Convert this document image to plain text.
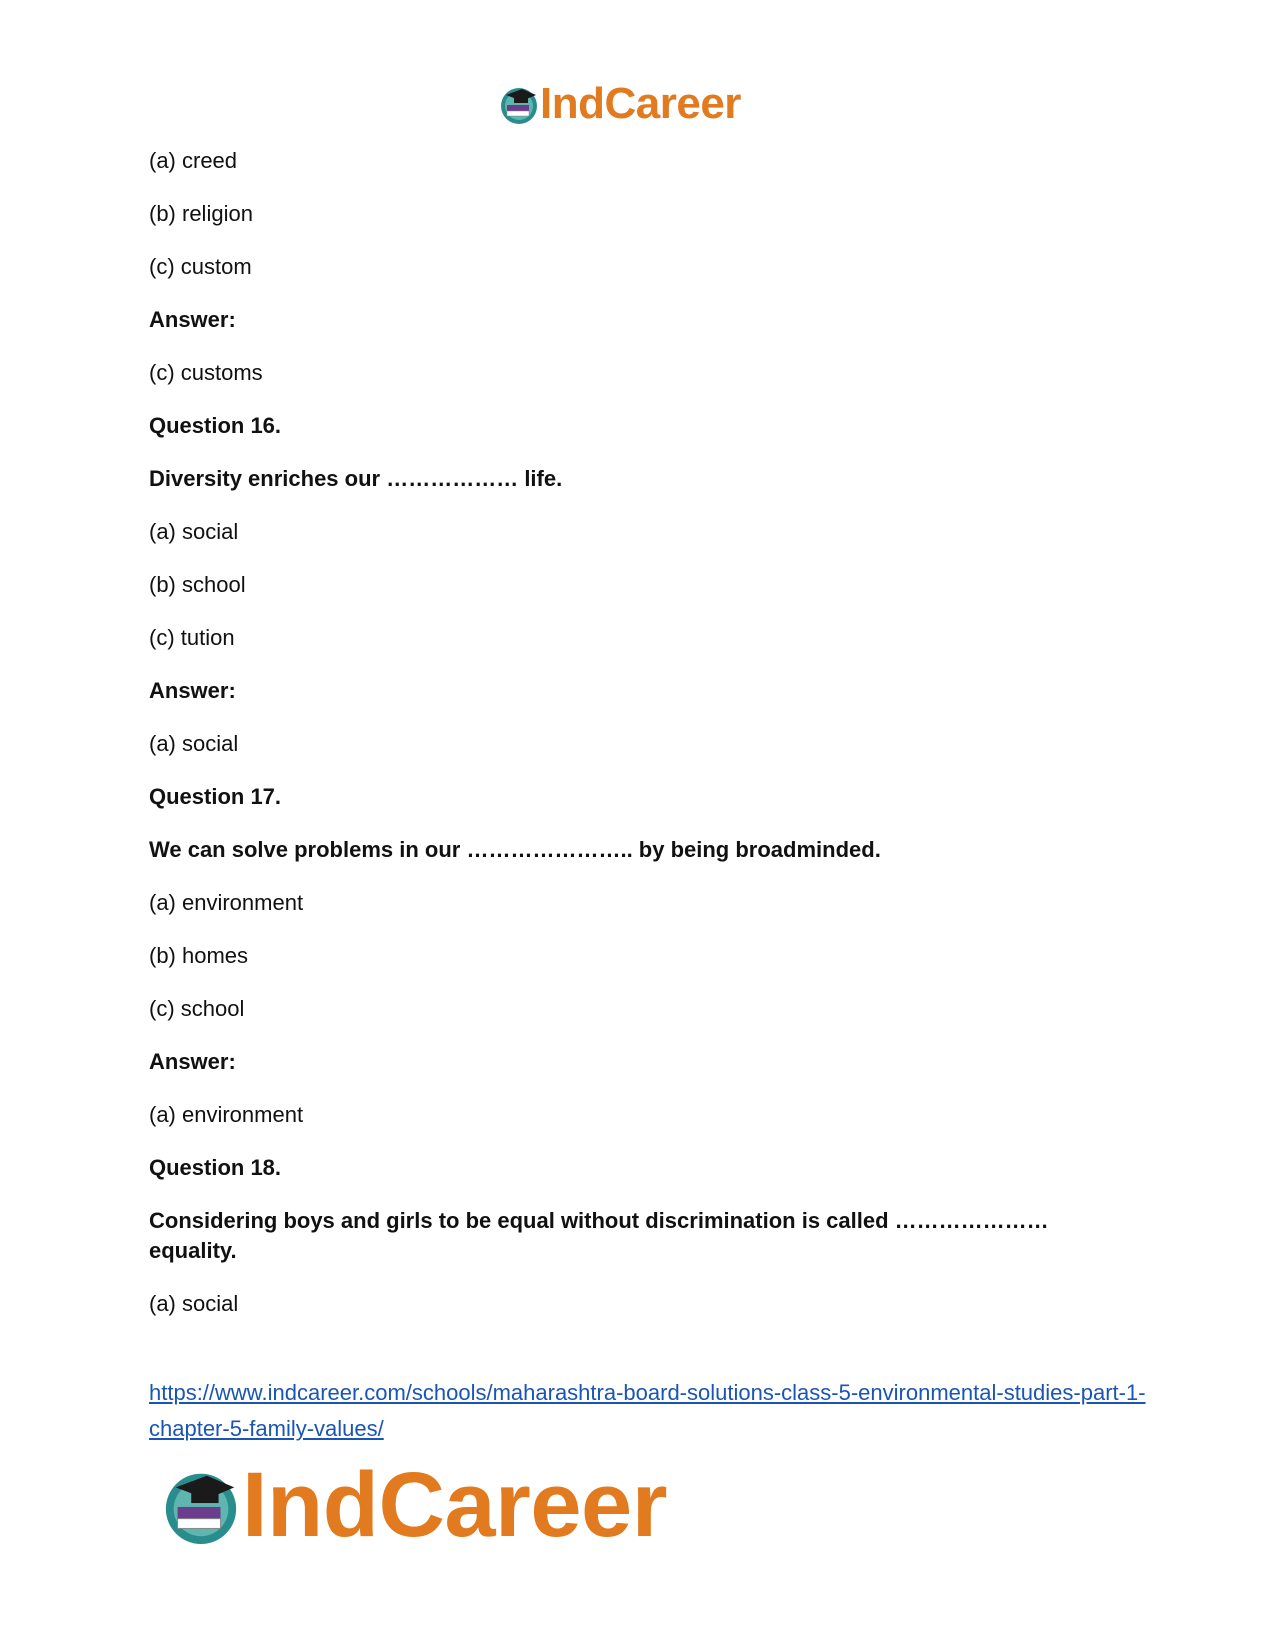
IndCareer

(a) creed

(b) religion

(c) custom

Answer:

(c) customs

Question 16.

Diversity enriches our ……………… life.

(a) social

(b) school

(c) tution

Answer:

(a) social

Question 17.

We can solve problems in our ………………….. by being broadminded.

(a) environment

(b) homes

(c) school

Answer:

(a) environment

Question 18.

Considering boys and girls to be equal without discrimination is called ………………… equality.

(a) social

https://www.indcareer.com/schools/maharashtra-board-solutions-class-5-environmental-studies-part-1-chapter-5-family-values/
IndCareer
